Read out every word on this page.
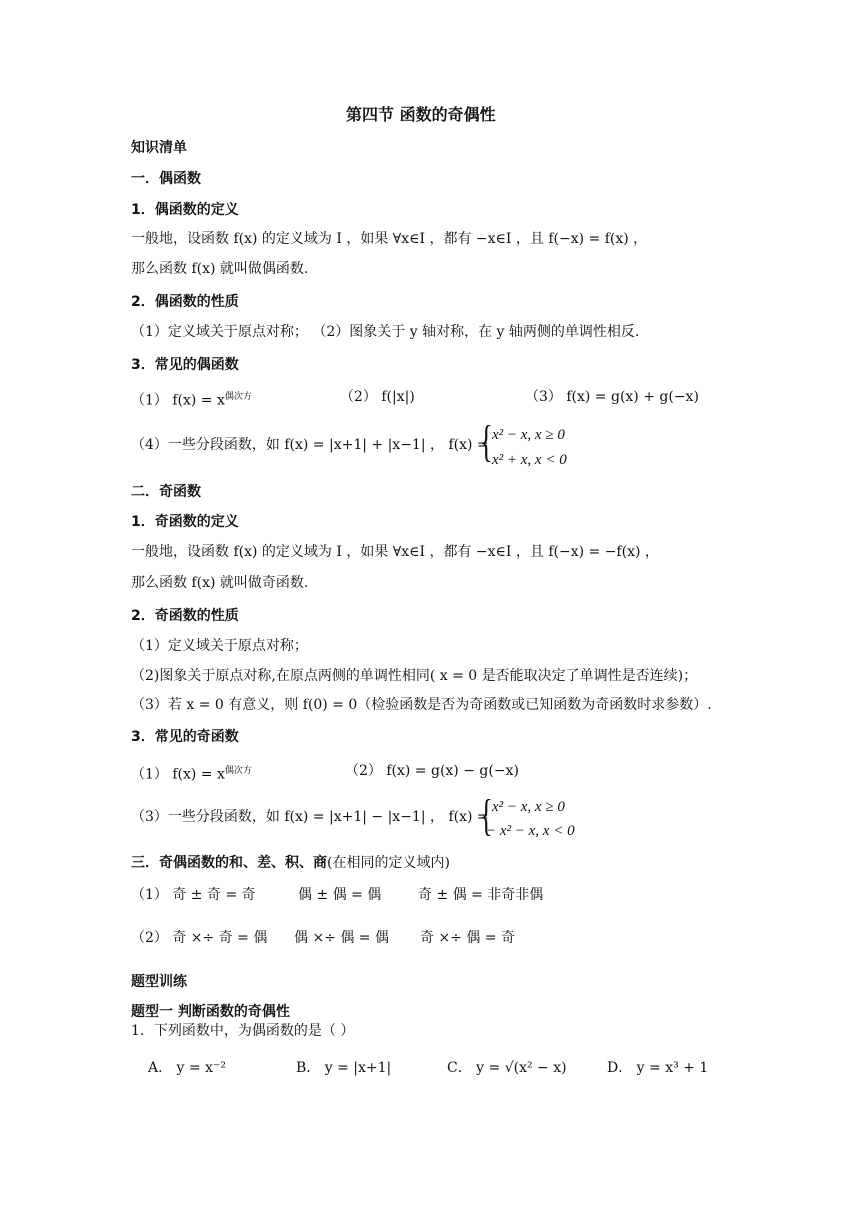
第四节 函数的奇偶性
知识清单
一．偶函数
1．偶函数的定义
一般地，设函数 f(x) 的定义域为 I ，如果 ∀x∈I ，都有 −x∈I ，且 f(−x) = f(x) ，
那么函数 f(x) 就叫做偶函数.
2．偶函数的性质
（1）定义域关于原点对称； （2）图象关于 y 轴对称，在 y 轴两侧的单调性相反.
3．常见的偶函数
（1） $f(x) = x^{偶次方}$	（2） f(|x|)	（3） f(x) = g(x) + g(−x)
（4）一些分段函数，如 f(x) = |x+1| + |x−1| ， f(x) =
{ x² − x, x ≥ 0
x² + x, x < 0
二．奇函数
1．奇函数的定义
一般地，设函数 f(x) 的定义域为 I ，如果 ∀x∈I ，都有 −x∈I ，且 f(−x) = −f(x) ，
那么函数 f(x) 就叫做奇函数.
2．奇函数的性质
（1）定义域关于原点对称；
（2)图象关于原点对称,在原点两侧的单调性相同( x = 0 是否能取决定了单调性是否连续)；
（3）若 x = 0 有意义，则 f(0) = 0（检验函数是否为奇函数或已知函数为奇函数时求参数）.
3．常见的奇函数
（1） $f(x) = x^{偶次方}$	（2） f(x) = g(x) − g(−x)
（3）一些分段函数，如 f(x) = |x+1| − |x−1| ， f(x) =
{ x² − x, x ≥ 0
− x² − x, x < 0
三．奇偶函数的和、差、积、商(在相同的定义域内)
（1） 奇 ± 奇 = 奇	偶 ± 偶 = 偶	奇 ± 偶 = 非奇非偶
（2） 奇 ×÷ 奇 = 偶 偶 ×÷ 偶 = 偶 奇 ×÷ 偶 = 奇
题型训练
题型一 判断函数的奇偶性
1．下列函数中，为偶函数的是（ ）
A． y = x⁻²	B． y = |x+1|	C． y = √(x² − x)	D． y = x³ + 1
